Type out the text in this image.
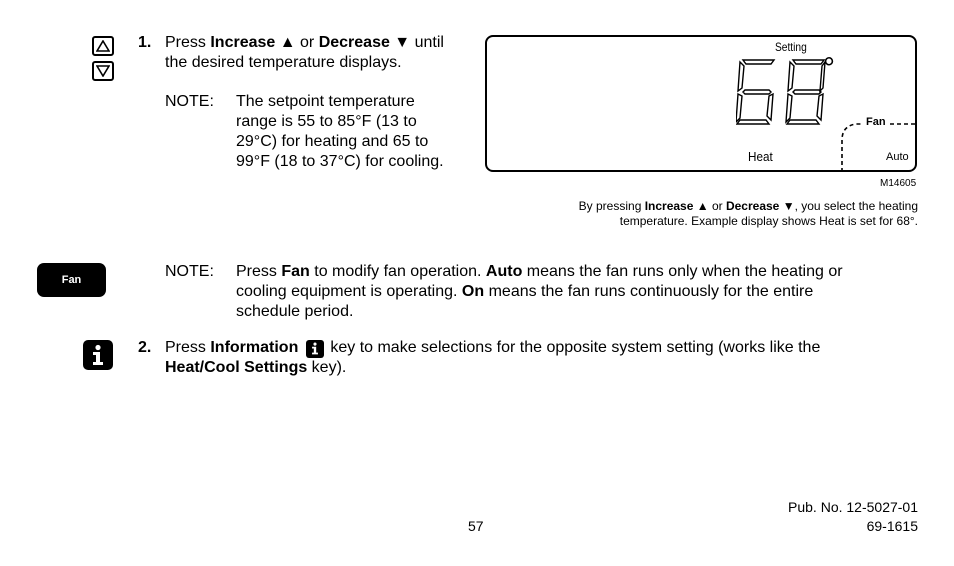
1. Press Increase ▲ or Decrease ▼ until
the desired temperature displays.
NOTE: The setpoint temperature
range is 55 to 85°F (13 to
29°C) for heating and 65 to
99°F (18 to 37°C) for cooling.
Setting
°
Fan
Heat	Auto
M14605
By pressing Increase ▲ or Decrease ▼, you select the heating
temperature. Example display shows Heat is set for 68°.
Fan	NOTE: Press Fan to modify fan operation. Auto means the fan runs only when the heating or
cooling equipment is operating. On means the fan runs continuously for the entire
schedule period.
2. Press Information key to make selections for the opposite system setting (works like the
Heat/Cool Settings key).
57
Pub. No. 12-5027-01
69-1615
